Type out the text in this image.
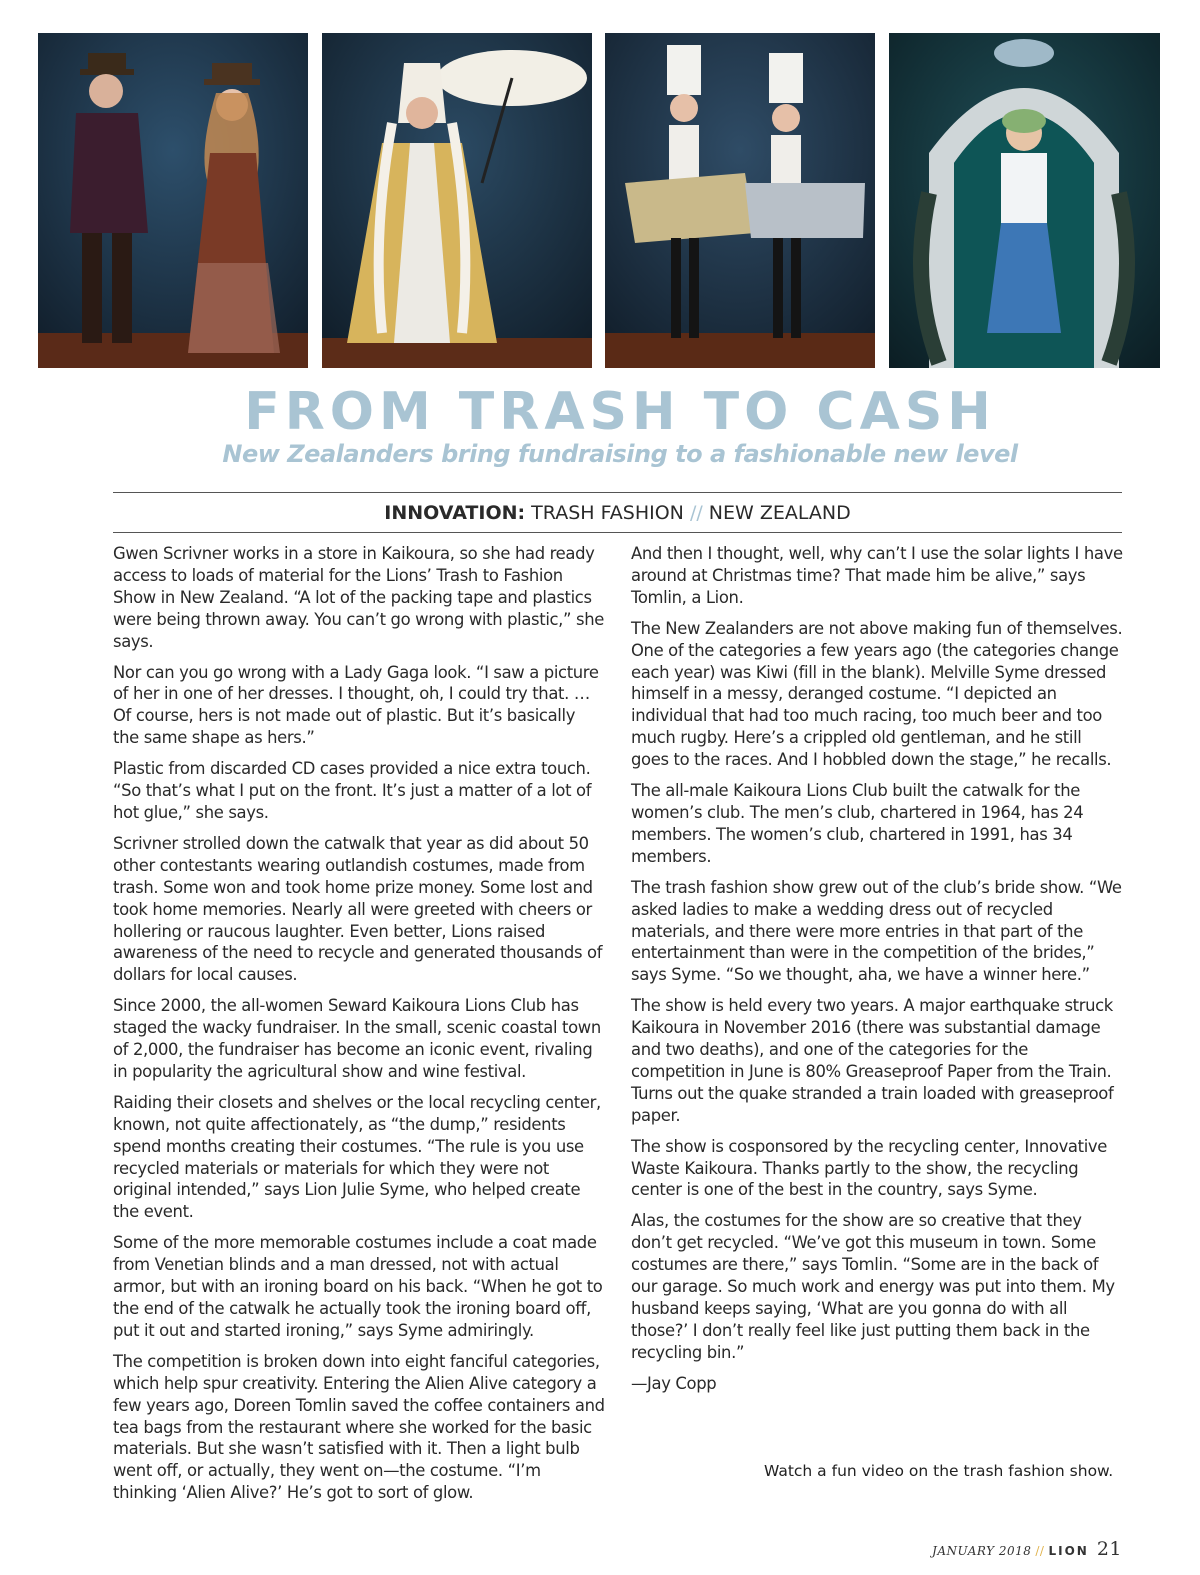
FROM TRASH TO CASH
New Zealanders bring fundraising to a fashionable new level
INNOVATION: TRASH FASHION // NEW ZEALAND

Gwen Scrivner works in a store in Kaikoura, so she had ready access to loads of material for the Lions’ Trash to Fashion Show in New Zealand. “A lot of the packing tape and plastics were being thrown away. You can’t go wrong with plastic,” she says.

Nor can you go wrong with a Lady Gaga look. “I saw a picture of her in one of her dresses. I thought, oh, I could try that. … Of course, hers is not made out of plastic. But it’s basically the same shape as hers.”

Plastic from discarded CD cases provided a nice extra touch. “So that’s what I put on the front. It’s just a matter of a lot of hot glue,” she says.

Scrivner strolled down the catwalk that year as did about 50 other contestants wearing outlandish costumes, made from trash. Some won and took home prize money. Some lost and took home memories. Nearly all were greeted with cheers or hollering or raucous laughter. Even better, Lions raised awareness of the need to recycle and generated thousands of dollars for local causes.

Since 2000, the all-women Seward Kaikoura Lions Club has staged the wacky fundraiser. In the small, scenic coastal town of 2,000, the fundraiser has become an iconic event, rivaling in popularity the agricultural show and wine festival.

Raiding their closets and shelves or the local recycling center, known, not quite affectionately, as “the dump,” residents spend months creating their costumes. “The rule is you use recycled materials or materials for which they were not original intended,” says Lion Julie Syme, who helped create the event.

Some of the more memorable costumes include a coat made from Venetian blinds and a man dressed, not with actual armor, but with an ironing board on his back. “When he got to the end of the catwalk he actually took the ironing board off, put it out and started ironing,” says Syme admiringly.

The competition is broken down into eight fanciful categories, which help spur creativity. Entering the Alien Alive category a few years ago, Doreen Tomlin saved the coffee containers and tea bags from the restaurant where she worked for the basic materials. But she wasn’t satisfied with it. Then a light bulb went off, or actually, they went on—the costume. “I’m thinking ‘Alien Alive?’ He’s got to sort of glow.

And then I thought, well, why can’t I use the solar lights I have around at Christmas time? That made him be alive,” says Tomlin, a Lion.

The New Zealanders are not above making fun of themselves. One of the categories a few years ago (the categories change each year) was Kiwi (fill in the blank). Melville Syme dressed himself in a messy, deranged costume. “I depicted an individual that had too much racing, too much beer and too much rugby. Here’s a crippled old gentleman, and he still goes to the races. And I hobbled down the stage,” he recalls.

The all-male Kaikoura Lions Club built the catwalk for the women’s club. The men’s club, chartered in 1964, has 24 members. The women’s club, chartered in 1991, has 34 members.

The trash fashion show grew out of the club’s bride show. “We asked ladies to make a wedding dress out of recycled materials, and there were more entries in that part of the entertainment than were in the competition of the brides,” says Syme. “So we thought, aha, we have a winner here.”

The show is held every two years. A major earthquake struck Kaikoura in November 2016 (there was substantial damage and two deaths), and one of the categories for the competition in June is 80% Greaseproof Paper from the Train. Turns out the quake stranded a train loaded with greaseproof paper.

The show is cosponsored by the recycling center, Innovative Waste Kaikoura. Thanks partly to the show, the recycling center is one of the best in the country, says Syme.

Alas, the costumes for the show are so creative that they don’t get recycled. “We’ve got this museum in town. Some costumes are there,” says Tomlin. “Some are in the back of our garage. So much work and energy was put into them. My husband keeps saying, ‘What are you gonna do with all those?’ I don’t really feel like just putting them back in the recycling bin.”

—Jay Copp

Watch a fun video on the trash fashion show.
JANUARY 2018 // LION 21
